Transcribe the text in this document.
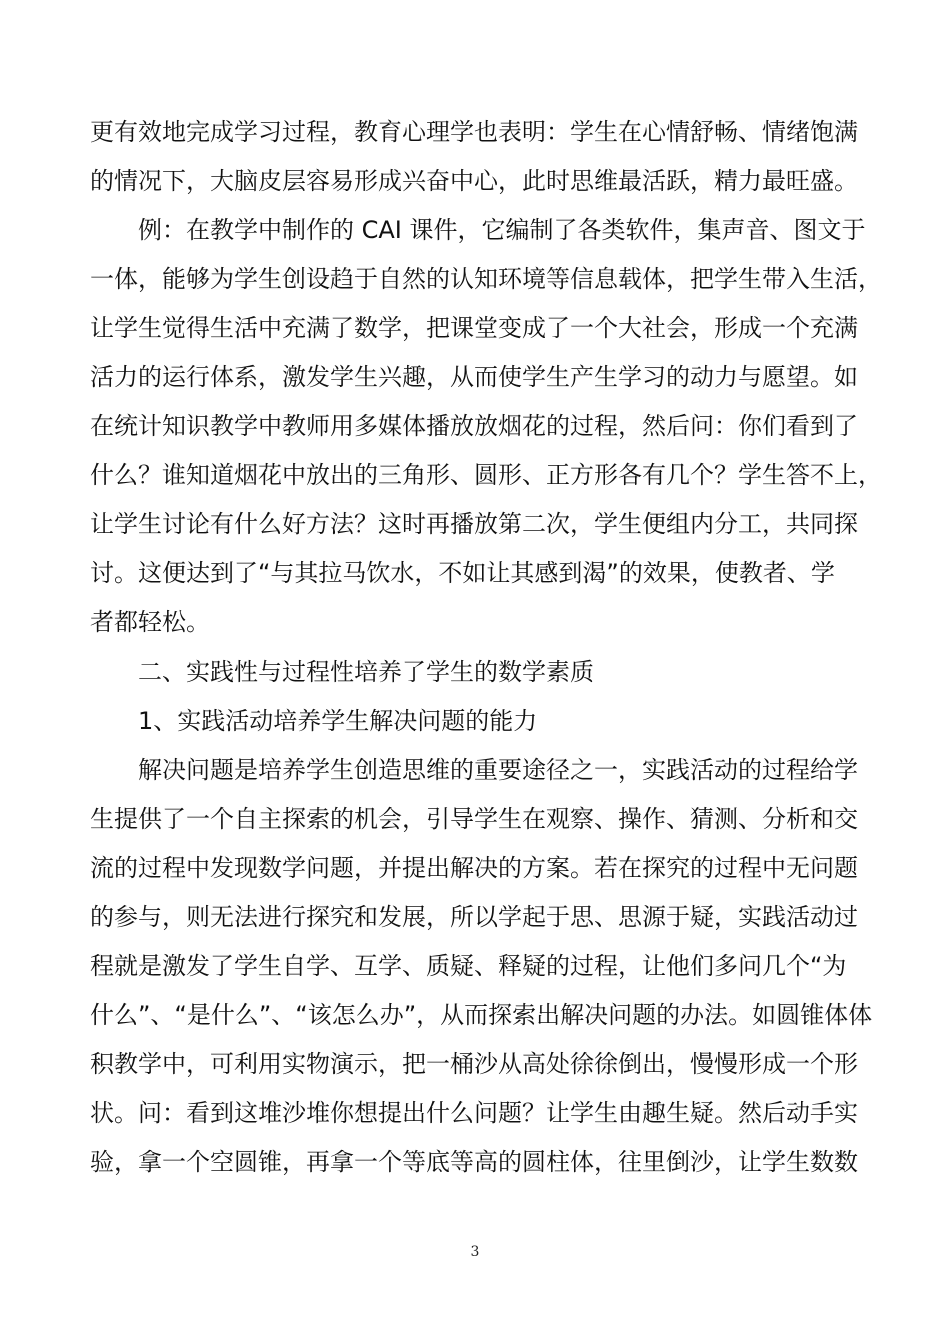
更有效地完成学习过程，教育心理学也表明：学生在心情舒畅、情绪饱满
的情况下，大脑皮层容易形成兴奋中心，此时思维最活跃，精力最旺盛。
例：在教学中制作的 CAI 课件，它编制了各类软件，集声音、图文于
一体，能够为学生创设趋于自然的认知环境等信息载体，把学生带入生活，
让学生觉得生活中充满了数学，把课堂变成了一个大社会，形成一个充满
活力的运行体系，激发学生兴趣，从而使学生产生学习的动力与愿望。如
在统计知识教学中教师用多媒体播放放烟花的过程，然后问：你们看到了
什么？谁知道烟花中放出的三角形、圆形、正方形各有几个？学生答不上，
让学生讨论有什么好方法？这时再播放第二次，学生便组内分工，共同探
讨。这便达到了“与其拉马饮水，不如让其感到渴”的效果，使教者、学
者都轻松。
二、实践性与过程性培养了学生的数学素质
1、实践活动培养学生解决问题的能力
解决问题是培养学生创造思维的重要途径之一，实践活动的过程给学
生提供了一个自主探索的机会，引导学生在观察、操作、猜测、分析和交
流的过程中发现数学问题，并提出解决的方案。若在探究的过程中无问题
的参与，则无法进行探究和发展，所以学起于思、思源于疑，实践活动过
程就是激发了学生自学、互学、质疑、释疑的过程，让他们多问几个“为
什么”、“是什么”、“该怎么办”，从而探索出解决问题的办法。如圆锥体体
积教学中，可利用实物演示，把一桶沙从高处徐徐倒出，慢慢形成一个形
状。问：看到这堆沙堆你想提出什么问题？让学生由趣生疑。然后动手实
验，拿一个空圆锥，再拿一个等底等高的圆柱体，往里倒沙，让学生数数
3
